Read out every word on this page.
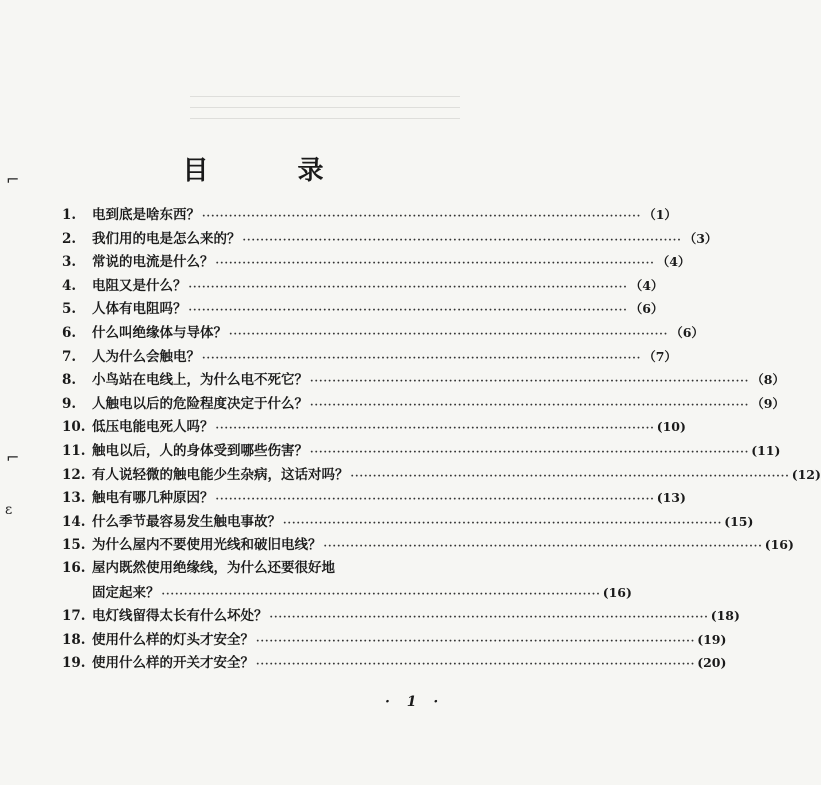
⌐
⌐
ɛ
目 录
1.	电到底是啥东西？ ·································································································· （1）
2.	我们用的电是怎么来的？ ·································································································· （3）
3.	常说的电流是什么？ ·································································································· （4）
4.	电阻又是什么？ ·································································································· （4）
5.	人体有电阻吗？ ·································································································· （6）
6.	什么叫绝缘体与导体？ ·································································································· （6）
7.	人为什么会触电？ ·································································································· （7）
8.	小鸟站在电线上，为什么电不死它？ ·································································································· （8）
9.	人触电以后的危险程度决定于什么？ ·································································································· （9）
10. 低压电能电死人吗？ ·································································································· (10)
11. 触电以后，人的身体受到哪些伤害？ ·································································································· (11)
12. 有人说轻微的触电能少生杂病，这话对吗？ ·································································································· (12)
13. 触电有哪几种原因？ ·································································································· (13)
14. 什么季节最容易发生触电事故？ ·································································································· (15)
15. 为什么屋内不要使用光线和破旧电线？ ·································································································· (16)
16. 屋内既然使用绝缘线，为什么还要很好地
固定起来？ ·································································································· (16)
17. 电灯线留得太长有什么坏处？ ·································································································· (18)
18. 使用什么样的灯头才安全？ ·································································································· (19)
19. 使用什么样的开关才安全？ ·································································································· (20)
· 1 ·
